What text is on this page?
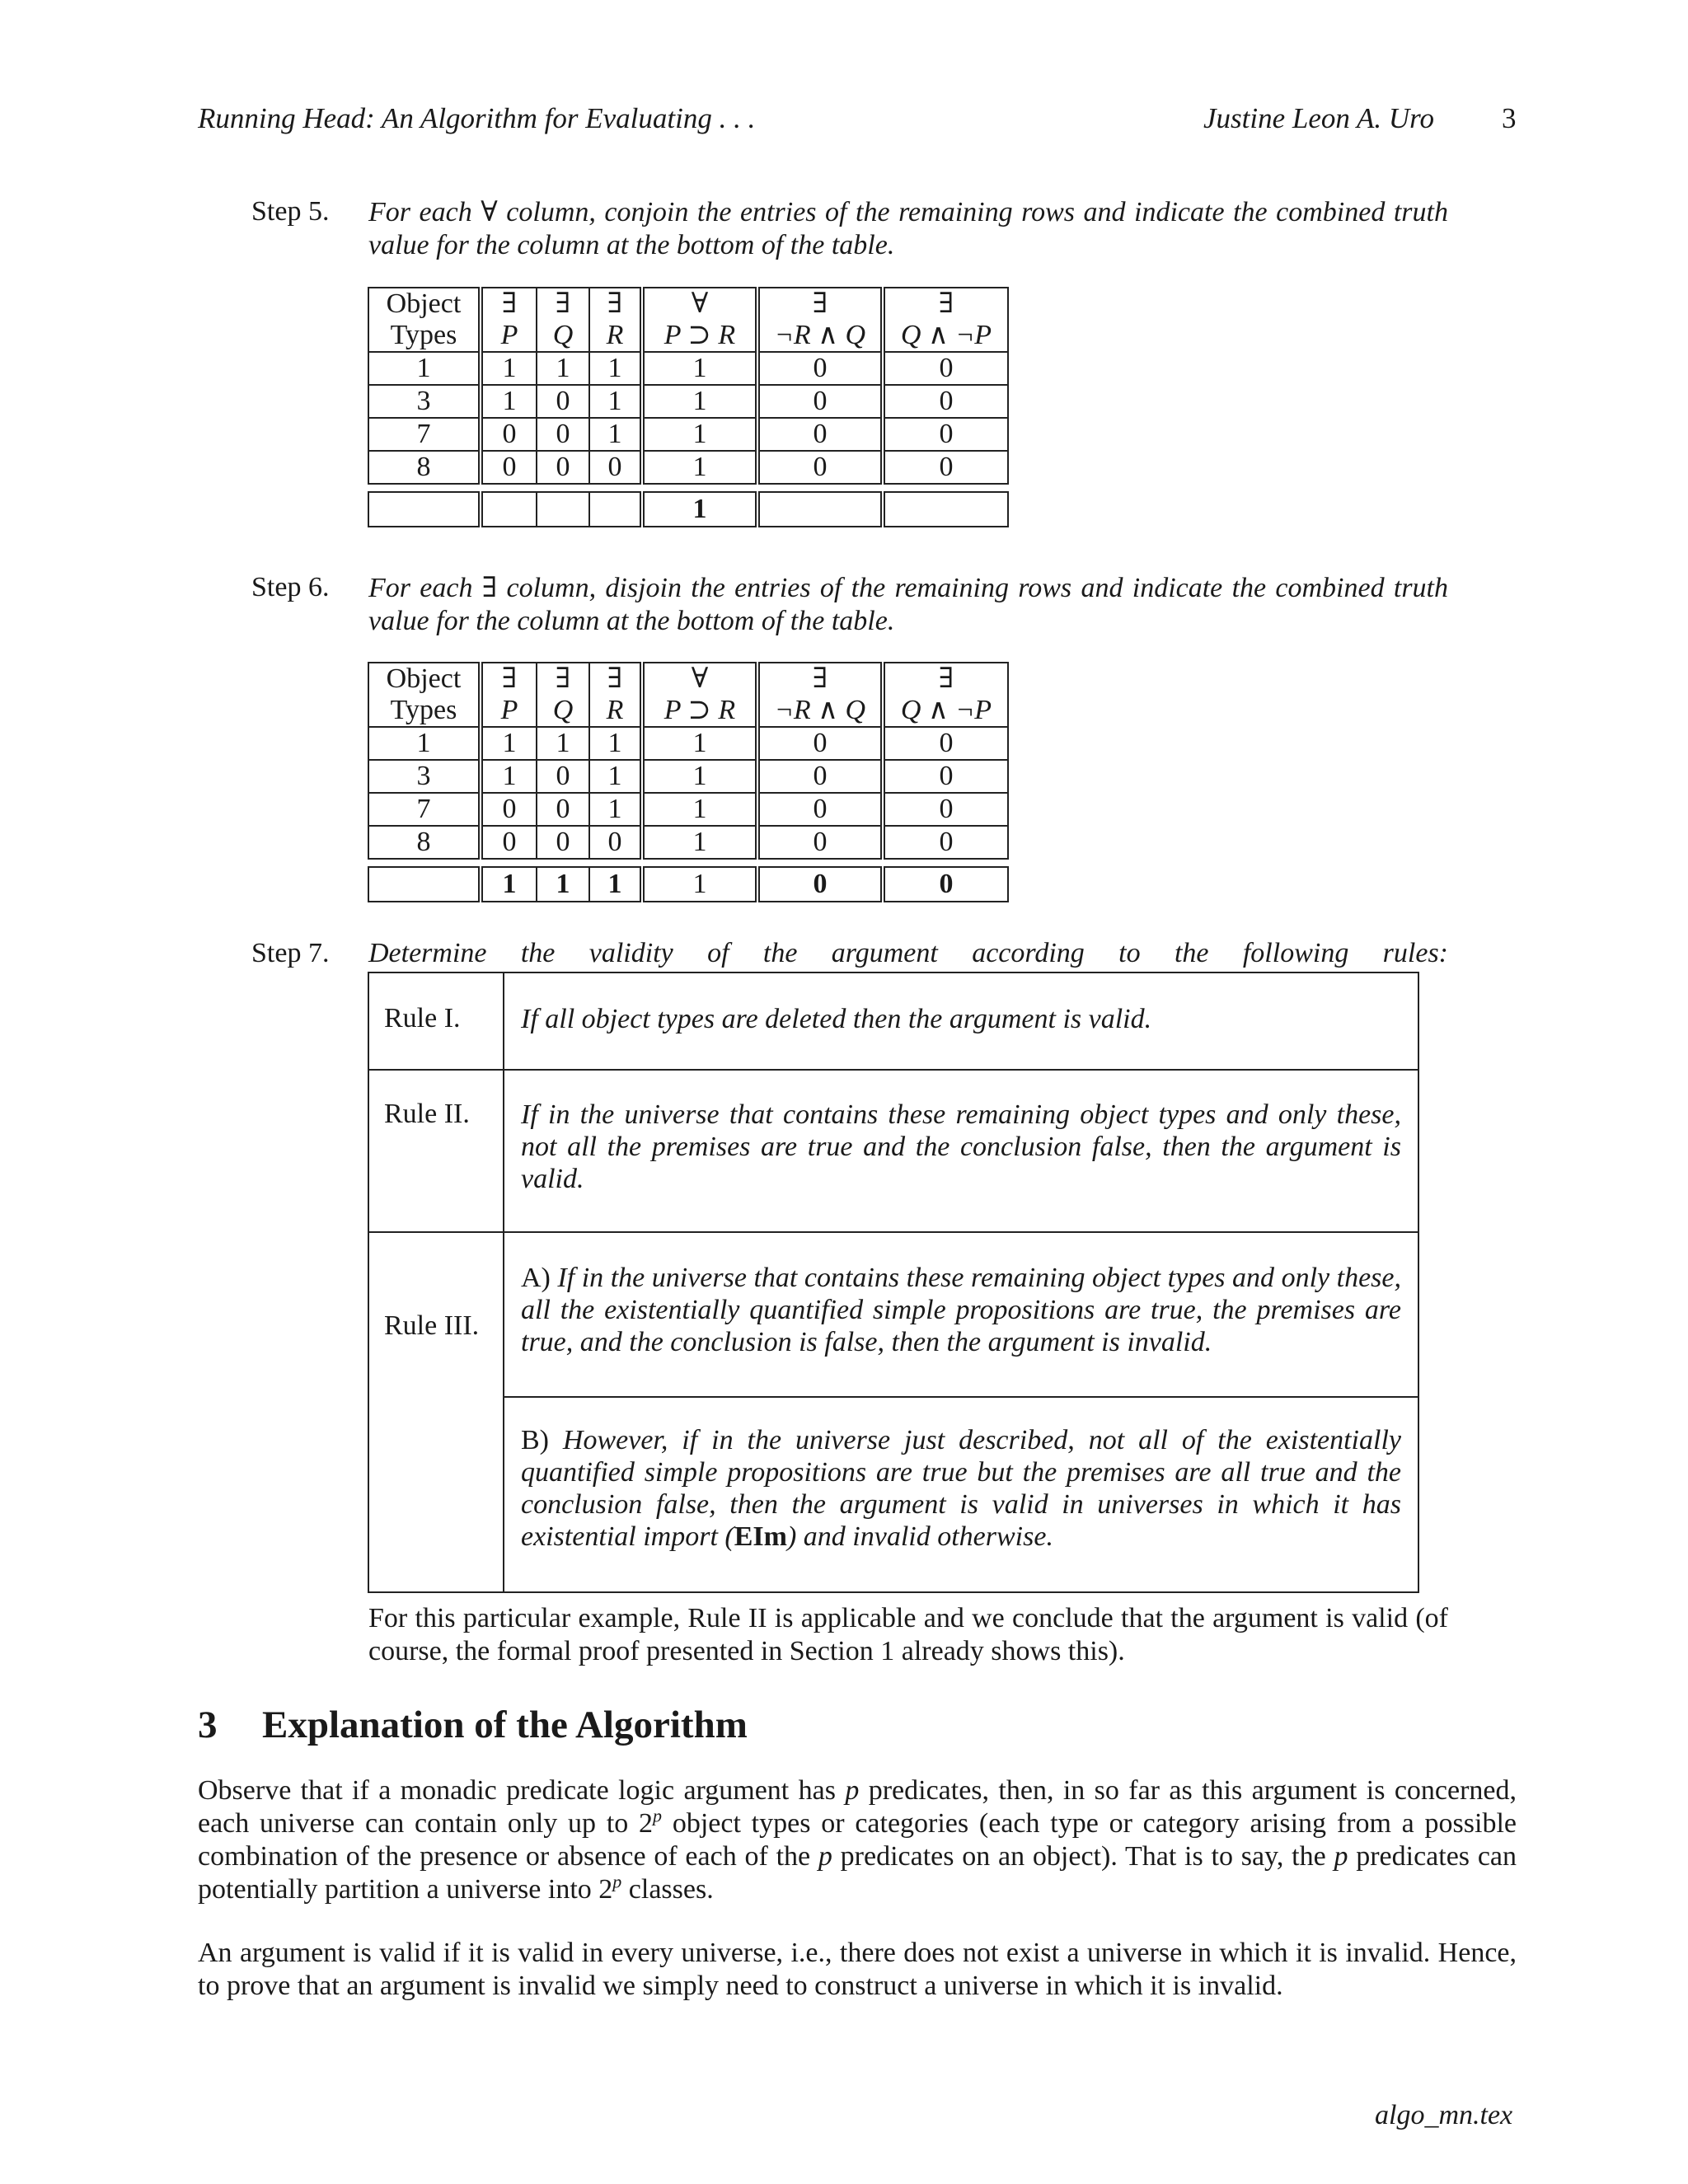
Running Head: An Algorithm for Evaluating . . .	Justine Leon A. Uro 3
Step 5. For each ∀ column, conjoin the entries of the remaining rows and indicate the combined truth value for the column at the bottom of the table.
Object	∃	∃	∃	∀	∃	∃
Types	P	Q	R	P ⊃ R	¬R ∧ Q	Q ∧ ¬P
1	1	1	1	1	0	0
3	1	0	1	1	0	0
7	0	0	1	1	0	0
8	0	0	0	1	0	0

				1		
Step 6. For each ∃ column, disjoin the entries of the remaining rows and indicate the combined truth value for the column at the bottom of the table.
Object	∃	∃	∃	∀	∃	∃
Types	P	Q	R	P ⊃ R	¬R ∧ Q	Q ∧ ¬P
1	1	1	1	1	0	0
3	1	0	1	1	0	0
7	0	0	1	1	0	0
8	0	0	0	1	0	0

	1	1	1	1	0	0
Step 7. Determine the validity of the argument according to the following rules:
Rule I. If all object types are deleted then the argument is valid.
Rule II. If in the universe that contains these remaining object types and only these, not all the premises are true and the conclusion false, then the argument is valid.
Rule III.
A) If in the universe that contains these remaining object types and only these, all the existentially quantified simple propositions are true, the premises are true, and the conclusion is false, then the argument is invalid.
B) However, if in the universe just described, not all of the existentially quantified simple propositions are true but the premises are all true and the conclusion false, then the argument is valid in universes in which it has existential import (EIm) and invalid otherwise.
For this particular example, Rule II is applicable and we conclude that the argument is valid (of course, the formal proof presented in Section 1 already shows this).
3 Explanation of the Algorithm
Observe that if a monadic predicate logic argument has p predicates, then, in so far as this argument is concerned, each universe can contain only up to 2$^p$ object types or categories (each type or category arising from a possible combination of the presence or absence of each of the p predicates on an object). That is to say, the p predicates can potentially partition a universe into 2$^p$ classes.
An argument is valid if it is valid in every universe, i.e., there does not exist a universe in which it is invalid. Hence, to prove that an argument is invalid we simply need to construct a universe in which it is invalid.
algo_mn.tex
